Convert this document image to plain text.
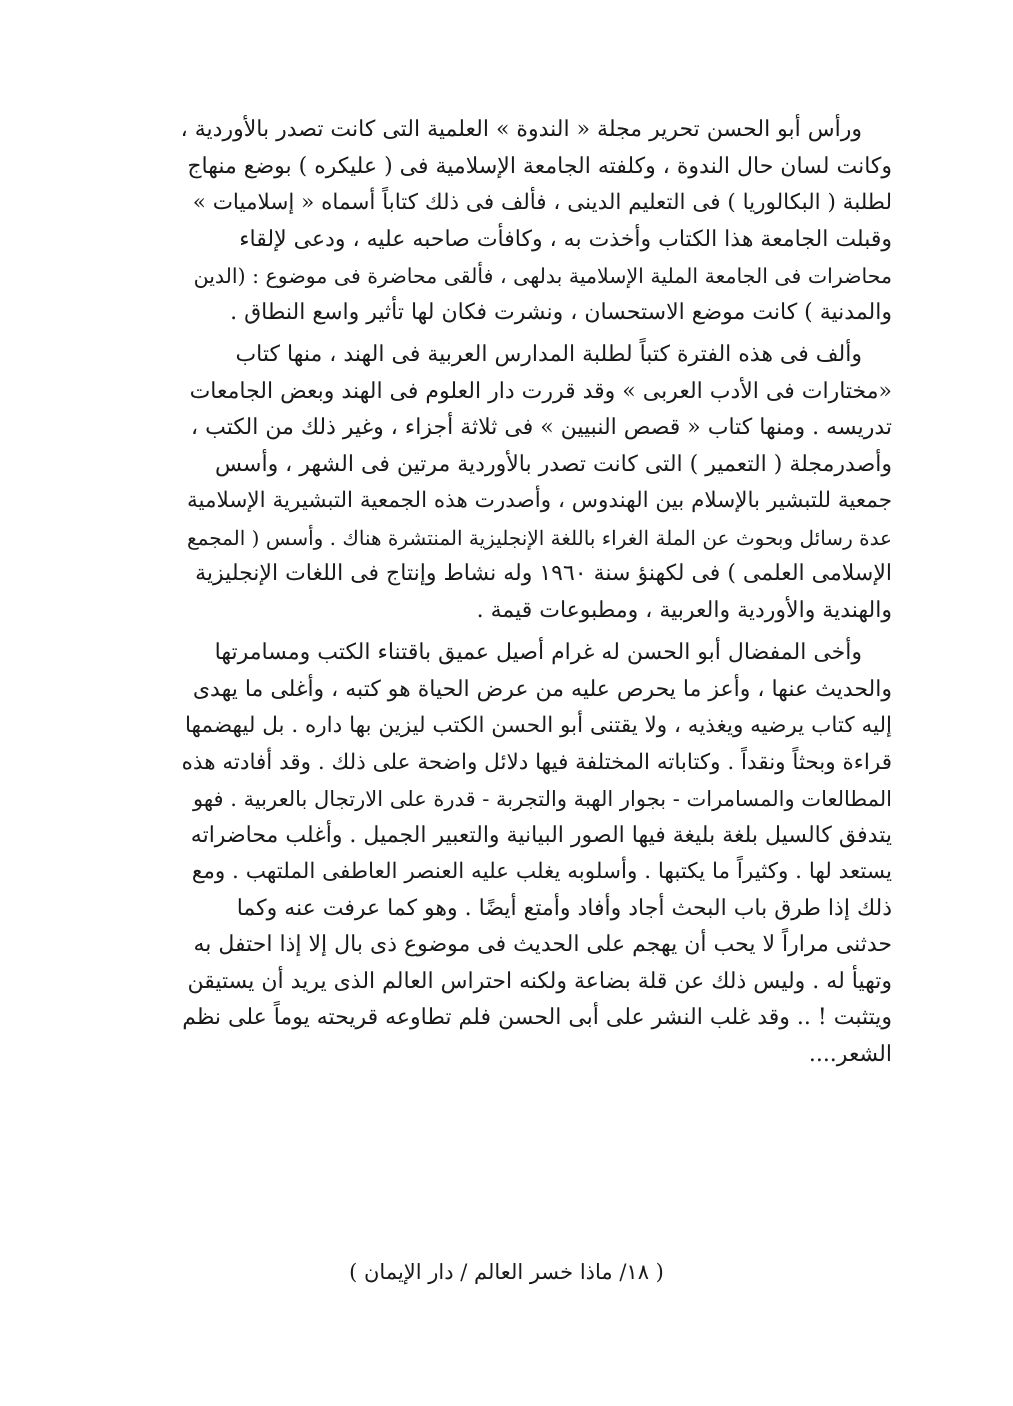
ورأس أبو الحسن تحرير مجلة « الندوة » العلمية التى كانت تصدر بالأوردية ،
وكانت لسان حال الندوة ، وكلفته الجامعة الإسلامية فى ( عليكره ) بوضع منهاج
لطلبة ( البكالوريا ) فى التعليم الدينى ، فألف فى ذلك كتاباً أسماه « إسلاميات »
وقبلت الجامعة هذا الكتاب وأخذت به ، وكافأت صاحبه عليه ، ودعى لإلقاء
محاضرات فى الجامعة الملية الإسلامية بدلهى ، فألقى محاضرة فى موضوع : (الدين
والمدنية ) كانت موضع الاستحسان ، ونشرت فكان لها تأثير واسع النطاق .

وألف فى هذه الفترة كتباً لطلبة المدارس العربية فى الهند ، منها كتاب
«مختارات فى الأدب العربى » وقد قررت دار العلوم فى الهند وبعض الجامعات
تدريسه . ومنها كتاب « قصص النبيين » فى ثلاثة أجزاء ، وغير ذلك من الكتب ،
وأصدرمجلة ( التعمير ) التى كانت تصدر بالأوردية مرتين فى الشهر ، وأسس
جمعية للتبشير بالإسلام بين الهندوس ، وأصدرت هذه الجمعية التبشيرية الإسلامية
عدة رسائل وبحوث عن الملة الغراء باللغة الإنجليزية المنتشرة هناك . وأسس ( المجمع
الإسلامى العلمى ) فى لكهنؤ سنة ١٩٦٠ وله نشاط وإنتاج فى اللغات الإنجليزية
والهندية والأوردية والعربية ، ومطبوعات قيمة .

وأخى المفضال أبو الحسن له غرام أصيل عميق باقتناء الكتب ومسامرتها
والحديث عنها ، وأعز ما يحرص عليه من عرض الحياة هو كتبه ، وأغلى ما يهدى
إليه كتاب يرضيه ويغذيه ، ولا يقتنى أبو الحسن الكتب ليزين بها داره . بل ليهضمها
قراءة وبحثاً ونقداً . وكتاباته المختلفة فيها دلائل واضحة على ذلك . وقد أفادته هذه
المطالعات والمسامرات - بجوار الهبة والتجربة - قدرة على الارتجال بالعربية . فهو
يتدفق كالسيل بلغة بليغة فيها الصور البيانية والتعبير الجميل . وأغلب محاضراته
يستعد لها . وكثيراً ما يكتبها . وأسلوبه يغلب عليه العنصر العاطفى الملتهب . ومع
ذلك إذا طرق باب البحث أجاد وأفاد وأمتع أيضًا . وهو كما عرفت عنه وكما
حدثنى مراراً لا يحب أن يهجم على الحديث فى موضوع ذى بال إلا إذا احتفل به
وتهيأ له . وليس ذلك عن قلة بضاعة ولكنه احتراس العالم الذى يريد أن يستيقن
ويتثبت ! .. وقد غلب النشر على أبى الحسن فلم تطاوعه قريحته يوماً على نظم
الشعر....

( ١٨/ ماذا خسر العالم / دار الإيمان )
